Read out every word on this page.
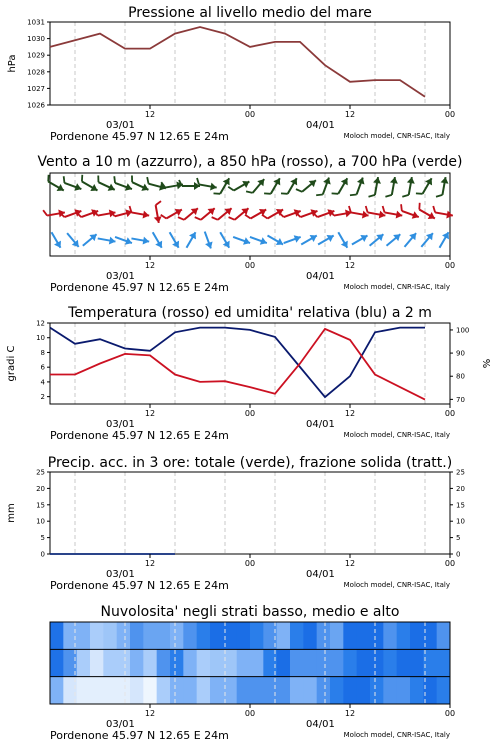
Pressione al livello medio del mare
Vento a 10 m (azzurro), a 850 hPa (rosso), a 700 hPa (verde)
Temperatura (rosso) ed umidita' relativa (blu) a 2 m
Precip. acc. in 3 ore: totale (verde), frazione solida (tratt.)
Nuvolosita' negli strati basso, medio e alto
1031
1030
1029
1028
1027
1026
hPa
12	00	12	00
03/01	04/01
Pordenone 45.97 N 12.65 E 24m	Moloch model, CNR-ISAC, Italy
12	00	12	00
03/01	04/01
Pordenone 45.97 N 12.65 E 24m	Moloch model, CNR-ISAC, Italy
12
10
8
6
4
2
100
90
80
70
gradi C	%
12	00	12	00
03/01	04/01
Pordenone 45.97 N 12.65 E 24m	Moloch model, CNR-ISAC, Italy
25
20
15
10
5
0
25
20
15
10
5
0
mm
12	00	12	00
03/01	04/01
Pordenone 45.97 N 12.65 E 24m	Moloch model, CNR-ISAC, Italy
12	00	12	00
03/01	04/01
Pordenone 45.97 N 12.65 E 24m	Moloch model, CNR-ISAC, Italy
